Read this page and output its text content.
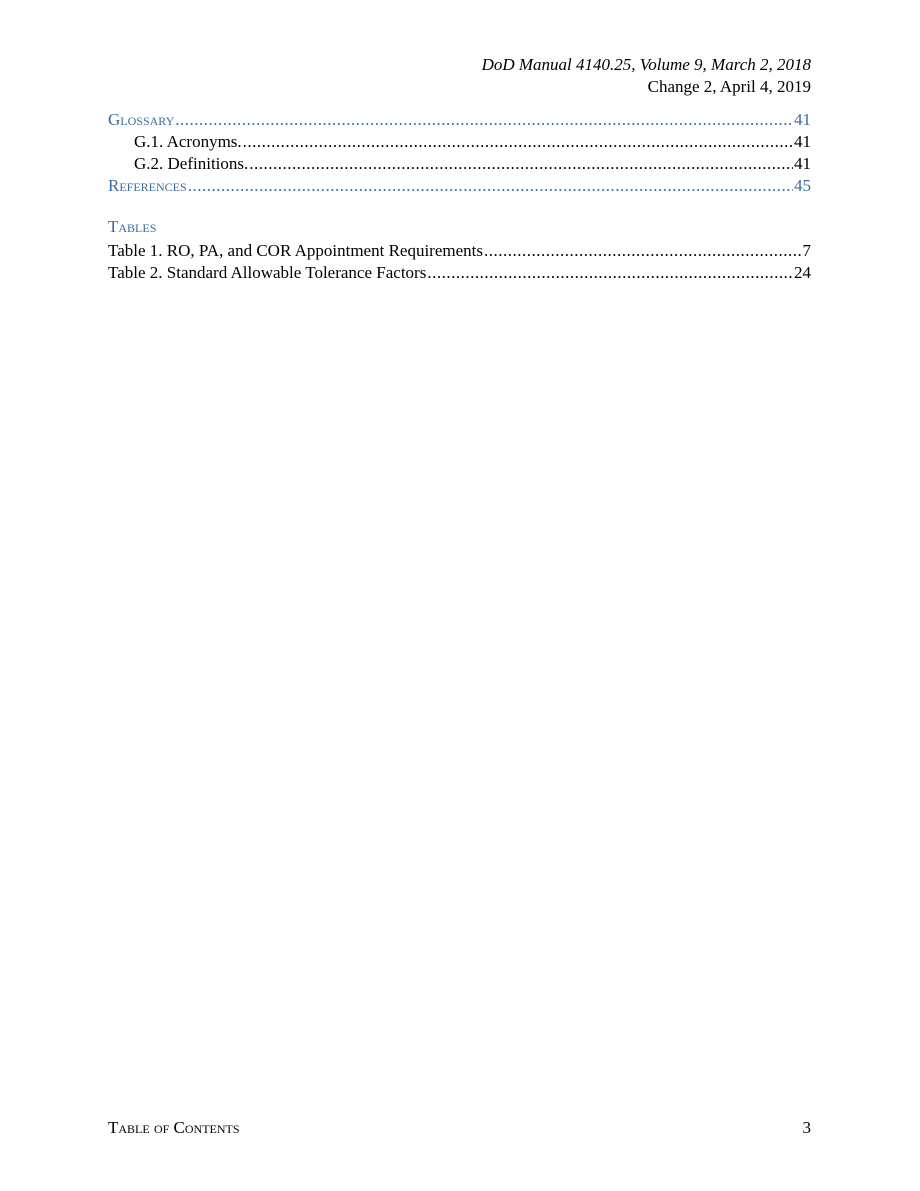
DoD Manual 4140.25, Volume 9, March 2, 2018
Change 2, April 4, 2019
Glossary .....	41
G.1. Acronyms. .....	41
G.2. Definitions. .....	41
References .....	45
Tables
Table 1. RO, PA, and COR Appointment Requirements .....	7
Table 2. Standard Allowable Tolerance Factors .....	24
Table of Contents	3
